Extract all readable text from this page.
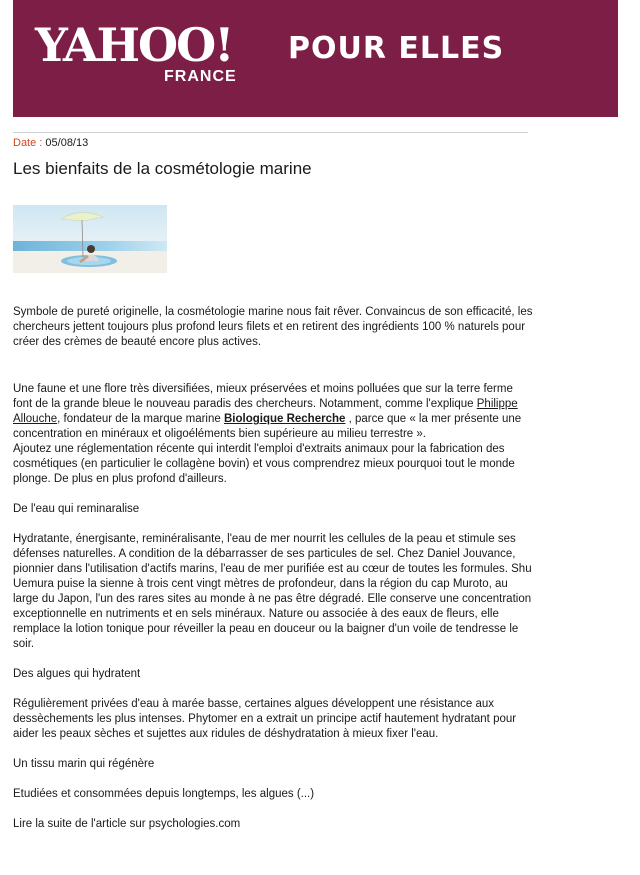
YAHOO!
FRANCE
POUR ELLES
Date : 05/08/13
Les bienfaits de la cosmétologie marine

Symbole de pureté originelle, la cosmétologie marine nous fait rêver. Convaincus de son efficacité, les chercheurs jettent toujours plus profond leurs filets et en retirent des ingrédients 100 % naturels pour créer des crèmes de beauté encore plus actives.

Une faune et une flore très diversifiées, mieux préservées et moins polluées que sur la terre ferme font de la grande bleue le nouveau paradis des chercheurs. Notamment, comme l'explique Philippe Allouche, fondateur de la marque marine Biologique Recherche , parce que « la mer présente une concentration en minéraux et oligoéléments bien supérieure au milieu terrestre ».

Ajoutez une réglementation récente qui interdit l'emploi d'extraits animaux pour la fabrication des cosmétiques (en particulier le collagène bovin) et vous comprendrez mieux pourquoi tout le monde plonge. De plus en plus profond d'ailleurs.

De l'eau qui reminaralise

Hydratante, énergisante, reminéralisante, l'eau de mer nourrit les cellules de la peau et stimule ses défenses naturelles. A condition de la débarrasser de ses particules de sel. Chez Daniel Jouvance, pionnier dans l'utilisation d'actifs marins, l'eau de mer purifiée est au cœur de toutes les formules. Shu Uemura puise la sienne à trois cent vingt mètres de profondeur, dans la région du cap Muroto, au large du Japon, l'un des rares sites au monde à ne pas être dégradé. Elle conserve une concentration exceptionnelle en nutriments et en sels minéraux. Nature ou associée à des eaux de fleurs, elle remplace la lotion tonique pour réveiller la peau en douceur ou la baigner d'un voile de tendresse le soir.

Des algues qui hydratent

Régulièrement privées d'eau à marée basse, certaines algues développent une résistance aux dessèchements les plus intenses. Phytomer en a extrait un principe actif hautement hydratant pour aider les peaux sèches et sujettes aux ridules de déshydratation à mieux fixer l'eau.

Un tissu marin qui régénère

Etudiées et consommées depuis longtemps, les algues (...)

Lire la suite de l'article sur psychologies.com
